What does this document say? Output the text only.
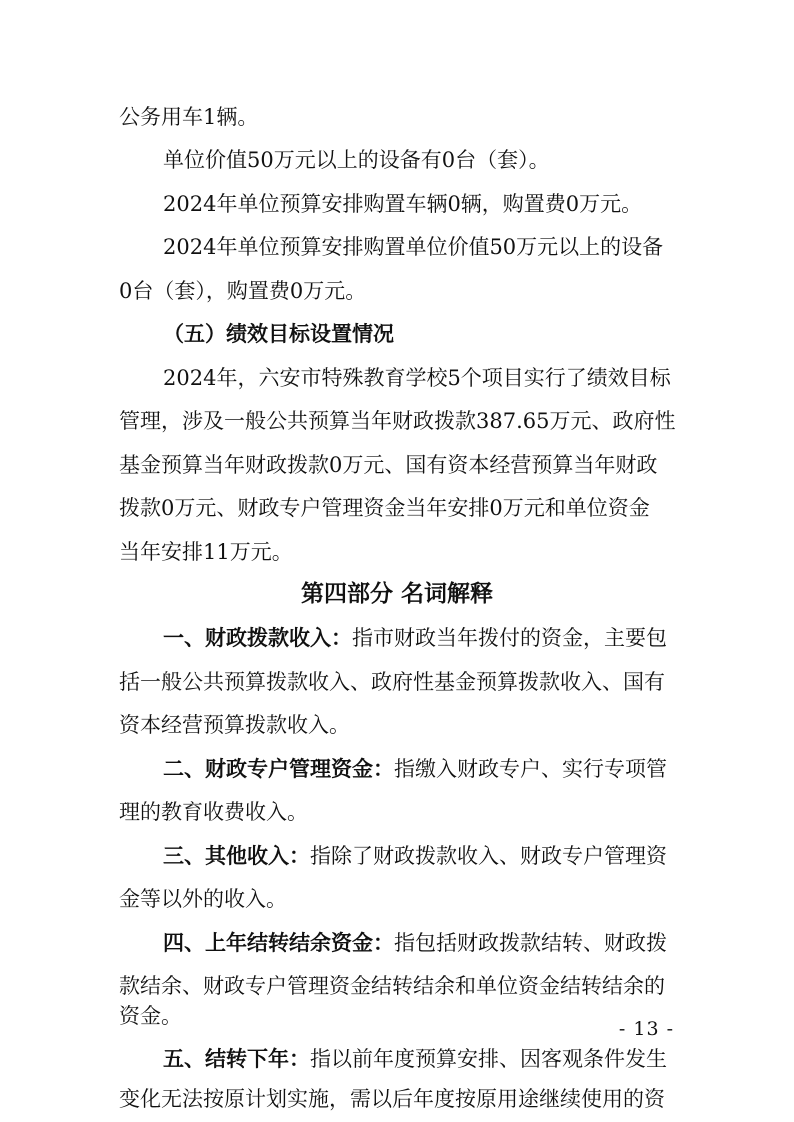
公务用车1辆。
单位价值50万元以上的设备有0台（套）。
2024年单位预算安排购置车辆0辆，购置费0万元。
2024年单位预算安排购置单位价值50万元以上的设备
0台（套），购置费0万元。
（五）绩效目标设置情况
2024年，六安市特殊教育学校5个项目实行了绩效目标
管理，涉及一般公共预算当年财政拨款387.65万元、政府性
基金预算当年财政拨款0万元、国有资本经营预算当年财政
拨款0万元、财政专户管理资金当年安排0万元和单位资金
当年安排11万元。
第四部分 名词解释
一、财政拨款收入：指市财政当年拨付的资金，主要包
括一般公共预算拨款收入、政府性基金预算拨款收入、国有
资本经营预算拨款收入。
二、财政专户管理资金：指缴入财政专户、实行专项管
理的教育收费收入。
三、其他收入：指除了财政拨款收入、财政专户管理资
金等以外的收入。
四、上年结转结余资金：指包括财政拨款结转、财政拨
款结余、财政专户管理资金结转结余和单位资金结转结余的
资金。
五、结转下年：指以前年度预算安排、因客观条件发生
变化无法按原计划实施，需以后年度按原用途继续使用的资
- 13 -
